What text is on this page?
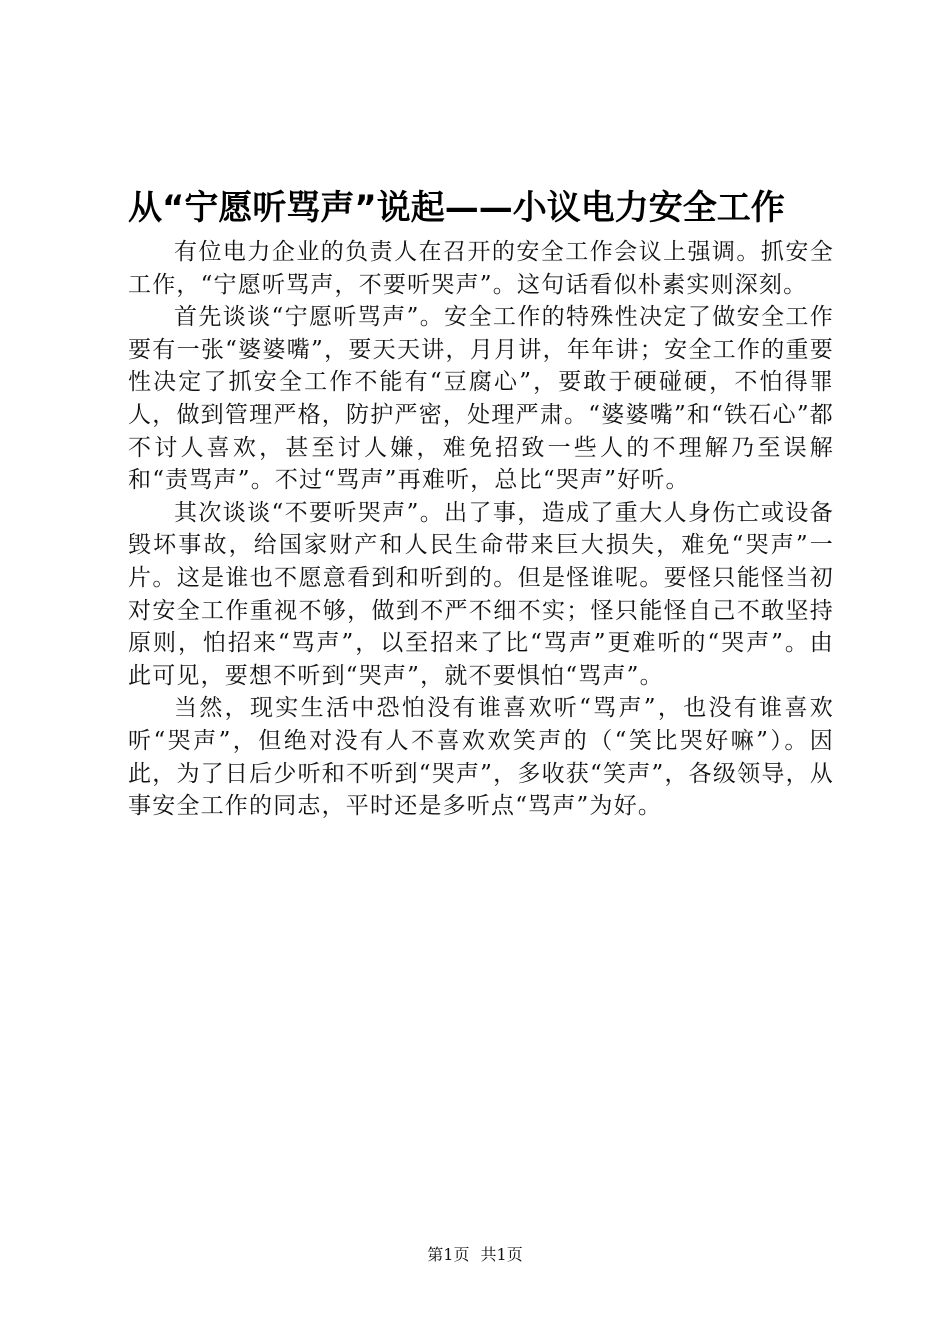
从“宁愿听骂声”说起——小议电力安全工作

有位电力企业的负责人在召开的安全工作会议上强调。抓安全工作，“宁愿听骂声，不要听哭声”。这句话看似朴素实则深刻。

首先谈谈“宁愿听骂声”。安全工作的特殊性决定了做安全工作要有一张“婆婆嘴”，要天天讲，月月讲，年年讲；安全工作的重要性决定了抓安全工作不能有“豆腐心”，要敢于硬碰硬，不怕得罪人，做到管理严格，防护严密，处理严肃。“婆婆嘴”和“铁石心”都不讨人喜欢，甚至讨人嫌，难免招致一些人的不理解乃至误解和“责骂声”。不过“骂声”再难听，总比“哭声”好听。

其次谈谈“不要听哭声”。出了事，造成了重大人身伤亡或设备毁坏事故，给国家财产和人民生命带来巨大损失，难免“哭声”一片。这是谁也不愿意看到和听到的。但是怪谁呢。要怪只能怪当初对安全工作重视不够，做到不严不细不实；怪只能怪自己不敢坚持原则，怕招来“骂声”，以至招来了比“骂声”更难听的“哭声”。由此可见，要想不听到“哭声”，就不要惧怕“骂声”。

当然，现实生活中恐怕没有谁喜欢听“骂声”，也没有谁喜欢听“哭声”，但绝对没有人不喜欢欢笑声的（“笑比哭好嘛”）。因此，为了日后少听和不听到“哭声”，多收获“笑声”，各级领导，从事安全工作的同志，平时还是多听点“骂声”为好。

第1页 共1页
